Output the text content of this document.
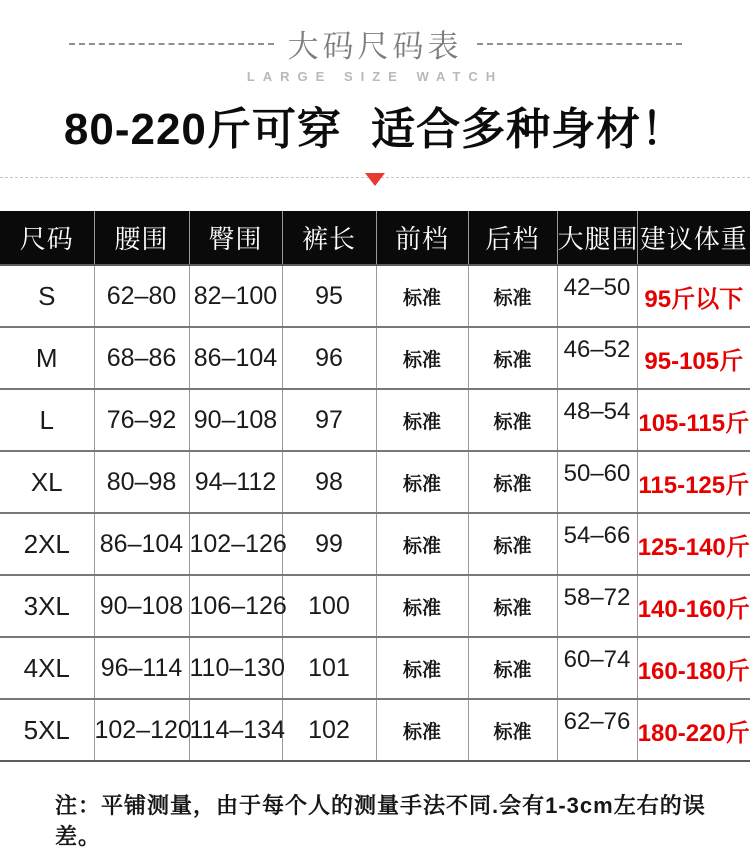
大码尺码表
LARGE SIZE WATCH
80-220斤可穿 适合多种身材！
尺码	腰围	臀围	裤长	前档	后档	大腿围	建议体重
S	62–80	82–100	95	标准	标准	42–50	95斤以下
M	68–86	86–104	96	标准	标准	46–52	95-105斤
L	76–92	90–108	97	标准	标准	48–54	105-115斤
XL	80–98	94–112	98	标准	标准	50–60	115-125斤
2XL	86–104	102–126	99	标准	标准	54–66	125-140斤
3XL	90–108	106–126	100	标准	标准	58–72	140-160斤
4XL	96–114	110–130	101	标准	标准	60–74	160-180斤
5XL	102–120	114–134	102	标准	标准	62–76	180-220斤
注：平铺测量，由于每个人的测量手法不同.会有1-3cm左右的误差。
